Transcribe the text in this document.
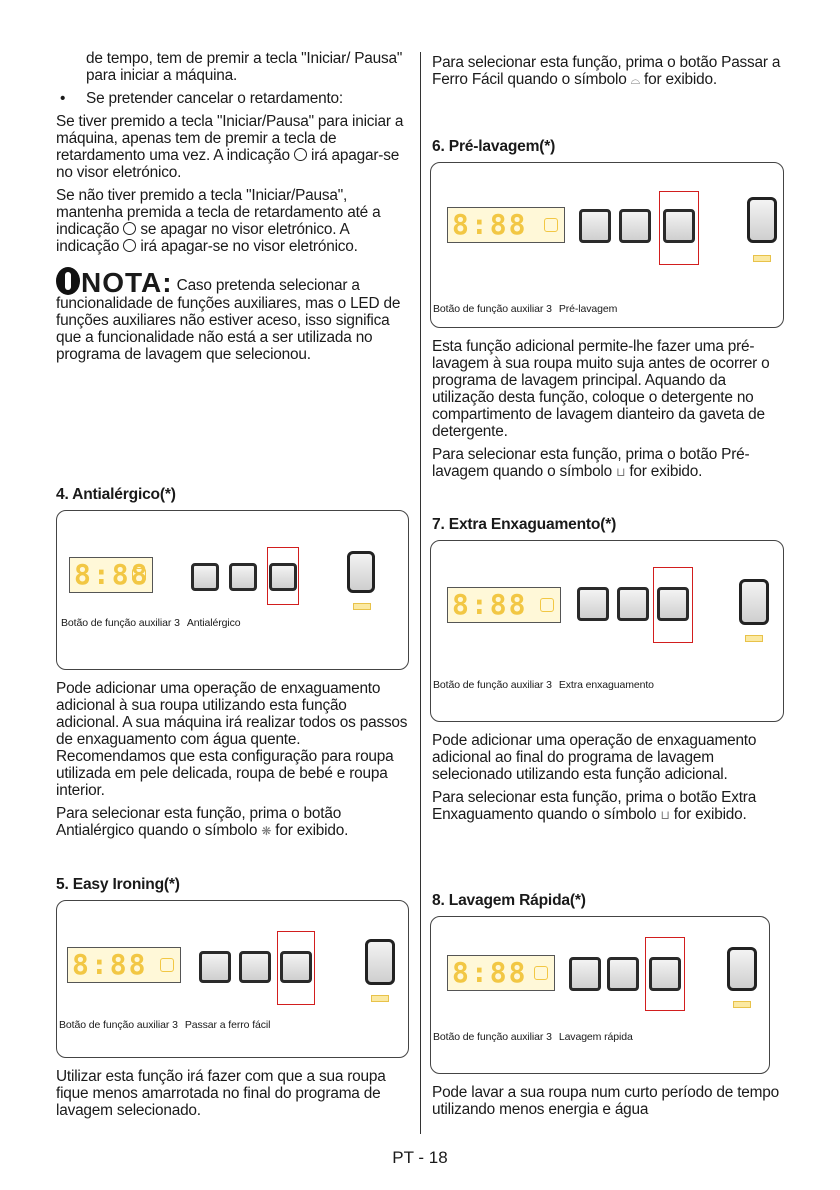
de tempo, tem de premir a tecla "Iniciar/ Pausa" para iniciar a máquina.

•	Se pretender cancelar o retardamento:

Se tiver premido a tecla "Iniciar/Pausa" para iniciar a máquina, apenas tem de premir a tecla de retardamento uma vez. A indicação irá apagar-se no visor eletrónico.

Se não tiver premido a tecla "Iniciar/Pausa", mantenha premida a tecla de retardamento até a indicação se apagar no visor eletrónico. A indicação irá apagar-se no visor eletrónico.

NOTA: Caso pretenda selecionar a funcionalidade de funções auxiliares, mas o LED de funções auxiliares não estiver aceso, isso significa que a funcionalidade não está a ser utilizada no programa de lavagem que selecionou.

4. Antialérgico(*)

8:88
Botão de função auxiliar 3 Antialérgico

Pode adicionar uma operação de enxaguamento adicional à sua roupa utilizando esta função adicional. A sua máquina irá realizar todos os passos de enxaguamento com água quente. Recomendamos que esta configuração para roupa utilizada em pele delicada, roupa de bebé e roupa interior.

Para selecionar esta função, prima o botão Antialérgico quando o símbolo ❋ for exibido.

5. Easy Ironing(*)

8:88
Botão de função auxiliar 3 Passar a ferro fácil

Utilizar esta função irá fazer com que a sua roupa fique menos amarrotada no final do programa de lavagem selecionado.

Para selecionar esta função, prima o botão Passar a Ferro Fácil quando o símbolo ⌓ for exibido.

6. Pré-lavagem(*)

8:88
Botão de função auxiliar 3 Pré-lavagem

Esta função adicional permite-lhe fazer uma pré-lavagem à sua roupa muito suja antes de ocorrer o programa de lavagem principal. Aquando da utilização desta função, coloque o detergente no compartimento de lavagem dianteiro da gaveta de detergente.

Para selecionar esta função, prima o botão Pré-lavagem quando o símbolo ⊔ for exibido.

7. Extra Enxaguamento(*)

8:88
Botão de função auxiliar 3 Extra enxaguamento

Pode adicionar uma operação de enxaguamento adicional ao final do programa de lavagem selecionado utilizando esta função adicional.

Para selecionar esta função, prima o botão Extra Enxaguamento quando o símbolo ⊔ for exibido.

8. Lavagem Rápida(*)

8:88
Botão de função auxiliar 3 Lavagem rápida

Pode lavar a sua roupa num curto período de tempo utilizando menos energia e água

PT - 18
